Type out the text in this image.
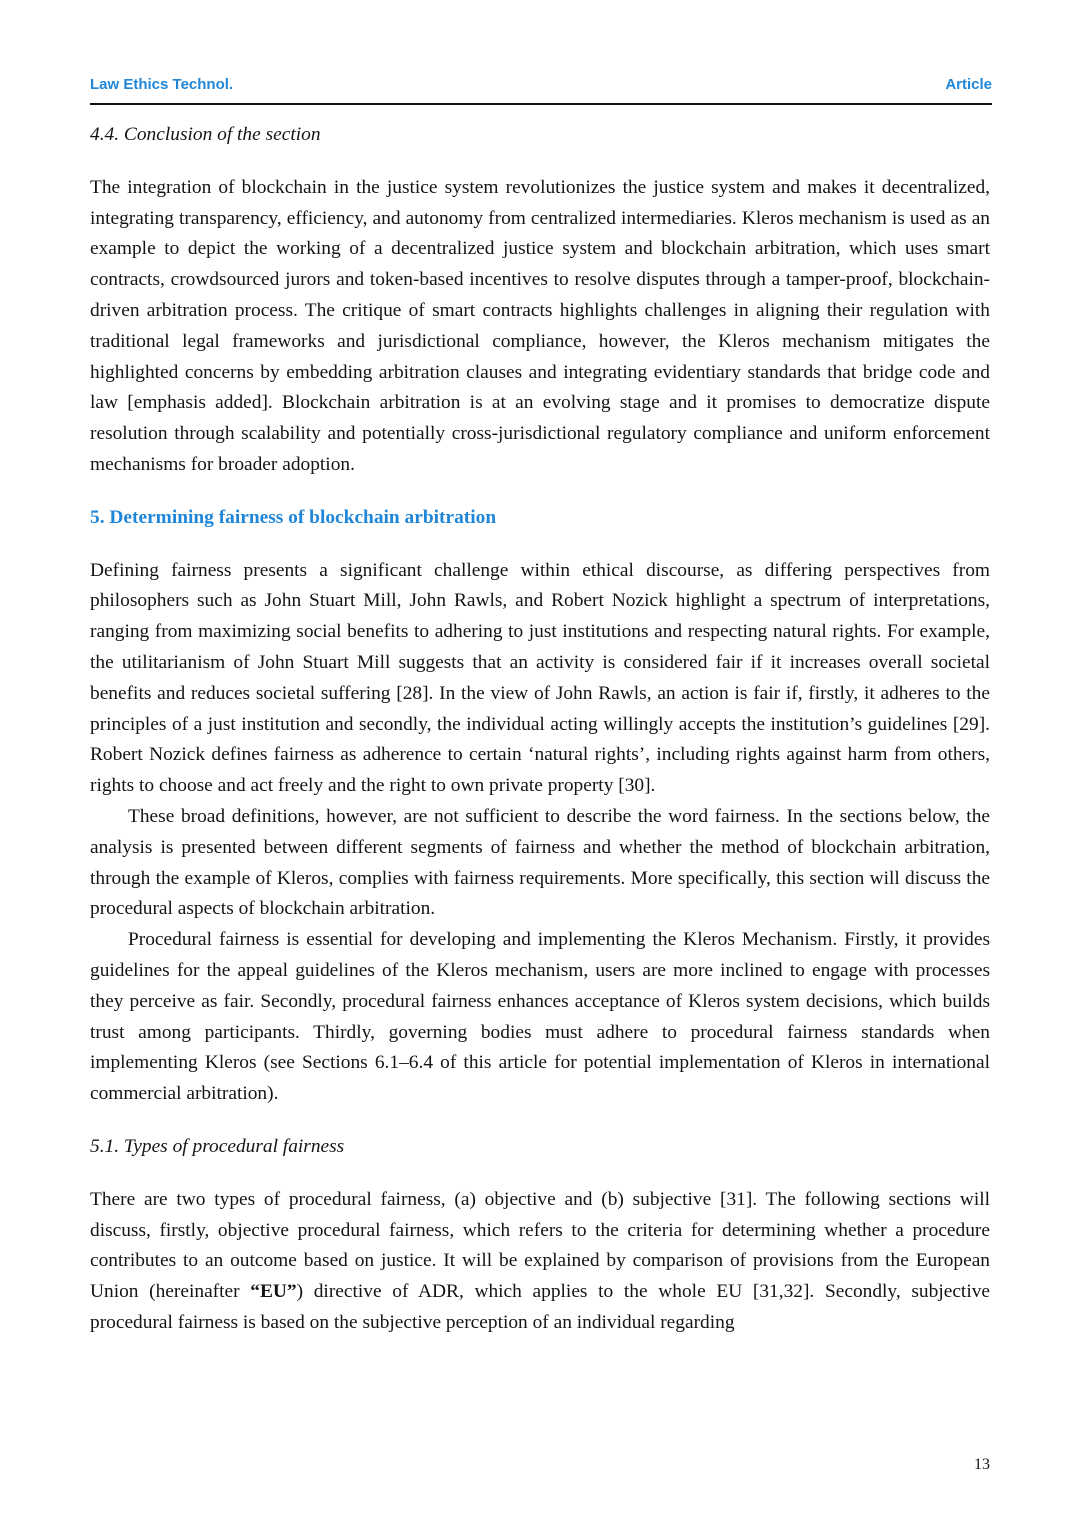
Law Ethics Technol.	Article

4.4. Conclusion of the section

The integration of blockchain in the justice system revolutionizes the justice system and makes it decentralized, integrating transparency, efficiency, and autonomy from centralized intermediaries. Kleros mechanism is used as an example to depict the working of a decentralized justice system and blockchain arbitration, which uses smart contracts, crowdsourced jurors and token-based incentives to resolve disputes through a tamper-proof, blockchain-driven arbitration process. The critique of smart contracts highlights challenges in aligning their regulation with traditional legal frameworks and jurisdictional compliance, however, the Kleros mechanism mitigates the highlighted concerns by embedding arbitration clauses and integrating evidentiary standards that bridge code and law [emphasis added]. Blockchain arbitration is at an evolving stage and it promises to democratize dispute resolution through scalability and potentially cross-jurisdictional regulatory compliance and uniform enforcement mechanisms for broader adoption.

5. Determining fairness of blockchain arbitration

Defining fairness presents a significant challenge within ethical discourse, as differing perspectives from philosophers such as John Stuart Mill, John Rawls, and Robert Nozick highlight a spectrum of interpretations, ranging from maximizing social benefits to adhering to just institutions and respecting natural rights. For example, the utilitarianism of John Stuart Mill suggests that an activity is considered fair if it increases overall societal benefits and reduces societal suffering [28]. In the view of John Rawls, an action is fair if, firstly, it adheres to the principles of a just institution and secondly, the individual acting willingly accepts the institution’s guidelines [29]. Robert Nozick defines fairness as adherence to certain ‘natural rights’, including rights against harm from others, rights to choose and act freely and the right to own private property [30].

These broad definitions, however, are not sufficient to describe the word fairness. In the sections below, the analysis is presented between different segments of fairness and whether the method of blockchain arbitration, through the example of Kleros, complies with fairness requirements. More specifically, this section will discuss the procedural aspects of blockchain arbitration.

Procedural fairness is essential for developing and implementing the Kleros Mechanism. Firstly, it provides guidelines for the appeal guidelines of the Kleros mechanism, users are more inclined to engage with processes they perceive as fair. Secondly, procedural fairness enhances acceptance of Kleros system decisions, which builds trust among participants. Thirdly, governing bodies must adhere to procedural fairness standards when implementing Kleros (see Sections 6.1–6.4 of this article for potential implementation of Kleros in international commercial arbitration).

5.1. Types of procedural fairness

There are two types of procedural fairness, (a) objective and (b) subjective [31]. The following sections will discuss, firstly, objective procedural fairness, which refers to the criteria for determining whether a procedure contributes to an outcome based on justice. It will be explained by comparison of provisions from the European Union (hereinafter “EU”) directive of ADR, which applies to the whole EU [31,32]. Secondly, subjective procedural fairness is based on the subjective perception of an individual regarding

13
